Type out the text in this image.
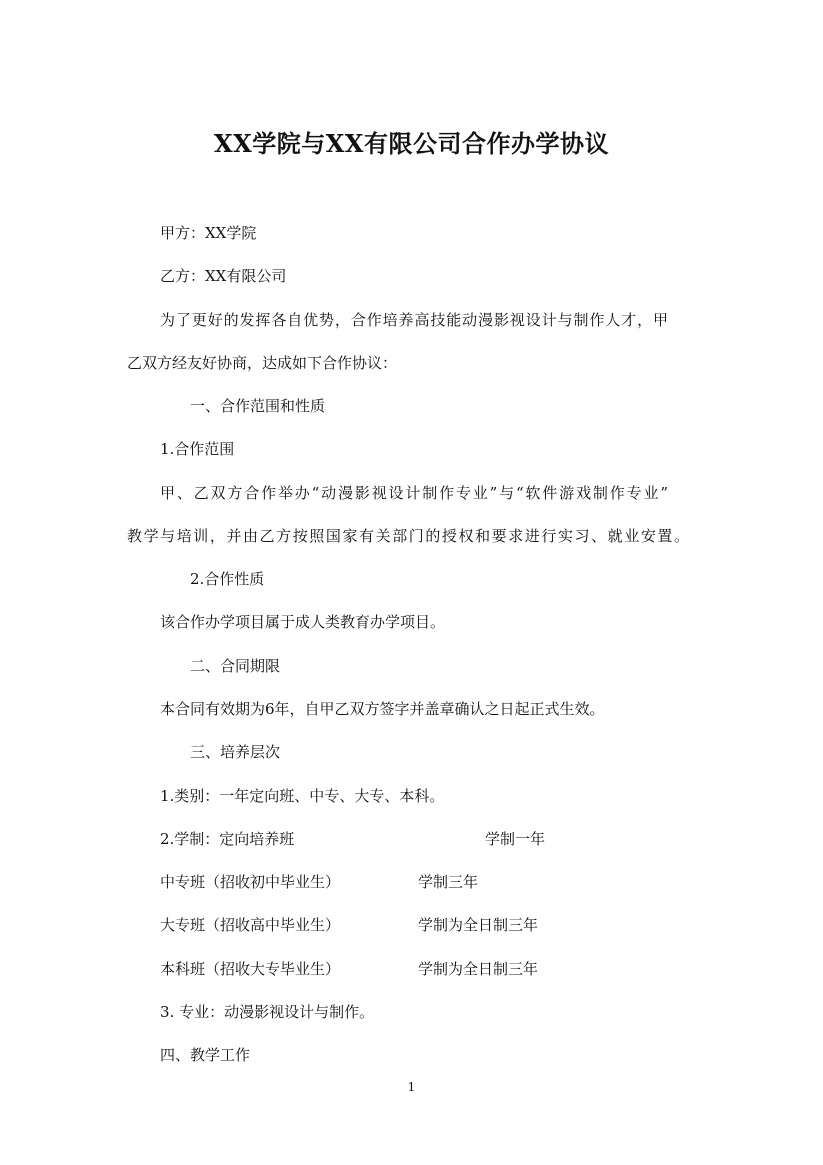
XX学院与XX有限公司合作办学协议
甲方：XX学院
乙方：XX有限公司
为了更好的发挥各自优势，合作培养高技能动漫影视设计与制作人才，甲
乙双方经友好协商，达成如下合作协议：
一、合作范围和性质
1.合作范围
甲、乙双方合作举办“动漫影视设计制作专业”与“软件游戏制作专业”
教学与培训，并由乙方按照国家有关部门的授权和要求进行实习、就业安置。
2.合作性质
该合作办学项目属于成人类教育办学项目。
二、合同期限
本合同有效期为6年，自甲乙双方签字并盖章确认之日起正式生效。
三、培养层次
1.类别：一年定向班、中专、大专、本科。
2.学制：定向培养班	学制一年
中专班（招收初中毕业生）	学制三年
大专班（招收高中毕业生）	学制为全日制三年
本科班（招收大专毕业生）	学制为全日制三年
3. 专业：动漫影视设计与制作。
四、教学工作
1
